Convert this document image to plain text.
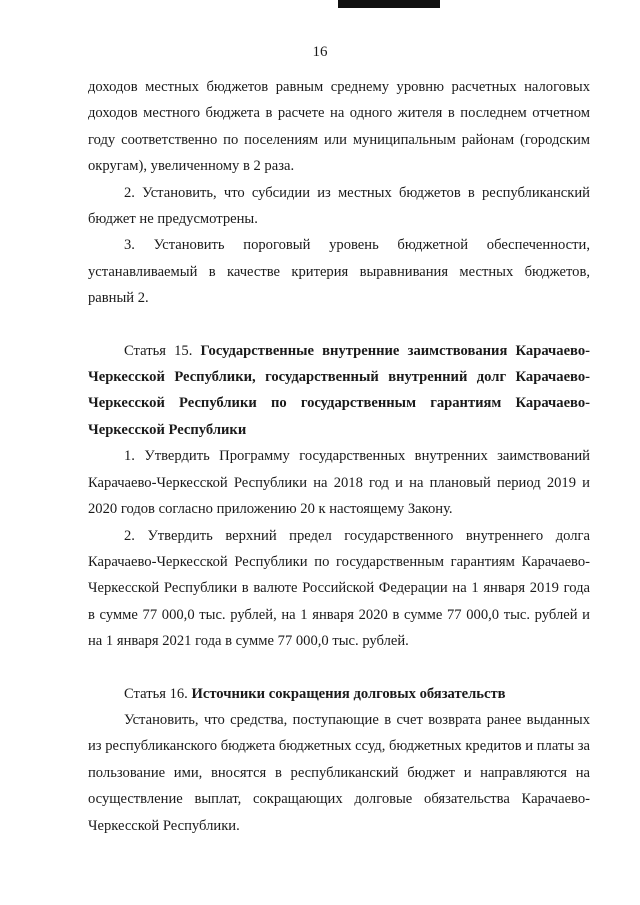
16

доходов местных бюджетов равным среднему уровню расчетных налоговых доходов местного бюджета в расчете на одного жителя в последнем отчетном году соответственно по поселениям или муниципальным районам (городским округам), увеличенному в 2 раза.

2. Установить, что субсидии из местных бюджетов в республиканский бюджет не предусмотрены.

3. Установить пороговый уровень бюджетной обеспеченности, устанавливаемый в качестве критерия выравнивания местных бюджетов, равный 2.

Статья 15. Государственные внутренние заимствования Карачаево-Черкесской Республики, государственный внутренний долг Карачаево-Черкесской Республики по государственным гарантиям Карачаево-Черкесской Республики

1. Утвердить Программу государственных внутренних заимствований Карачаево-Черкесской Республики на 2018 год и на плановый период 2019 и 2020 годов согласно приложению 20 к настоящему Закону.

2. Утвердить верхний предел государственного внутреннего долга Карачаево-Черкесской Республики по государственным гарантиям Карачаево-Черкесской Республики в валюте Российской Федерации на 1 января 2019 года в сумме 77 000,0 тыс. рублей, на 1 января 2020 в сумме 77 000,0 тыс. рублей и на 1 января 2021 года в сумме 77 000,0 тыс. рублей.

Статья 16. Источники сокращения долговых обязательств

Установить, что средства, поступающие в счет возврата ранее выданных из республиканского бюджета бюджетных ссуд, бюджетных кредитов и платы за пользование ими, вносятся в республиканский бюджет и направляются на осуществление выплат, сокращающих долговые обязательства Карачаево-Черкесской Республики.
